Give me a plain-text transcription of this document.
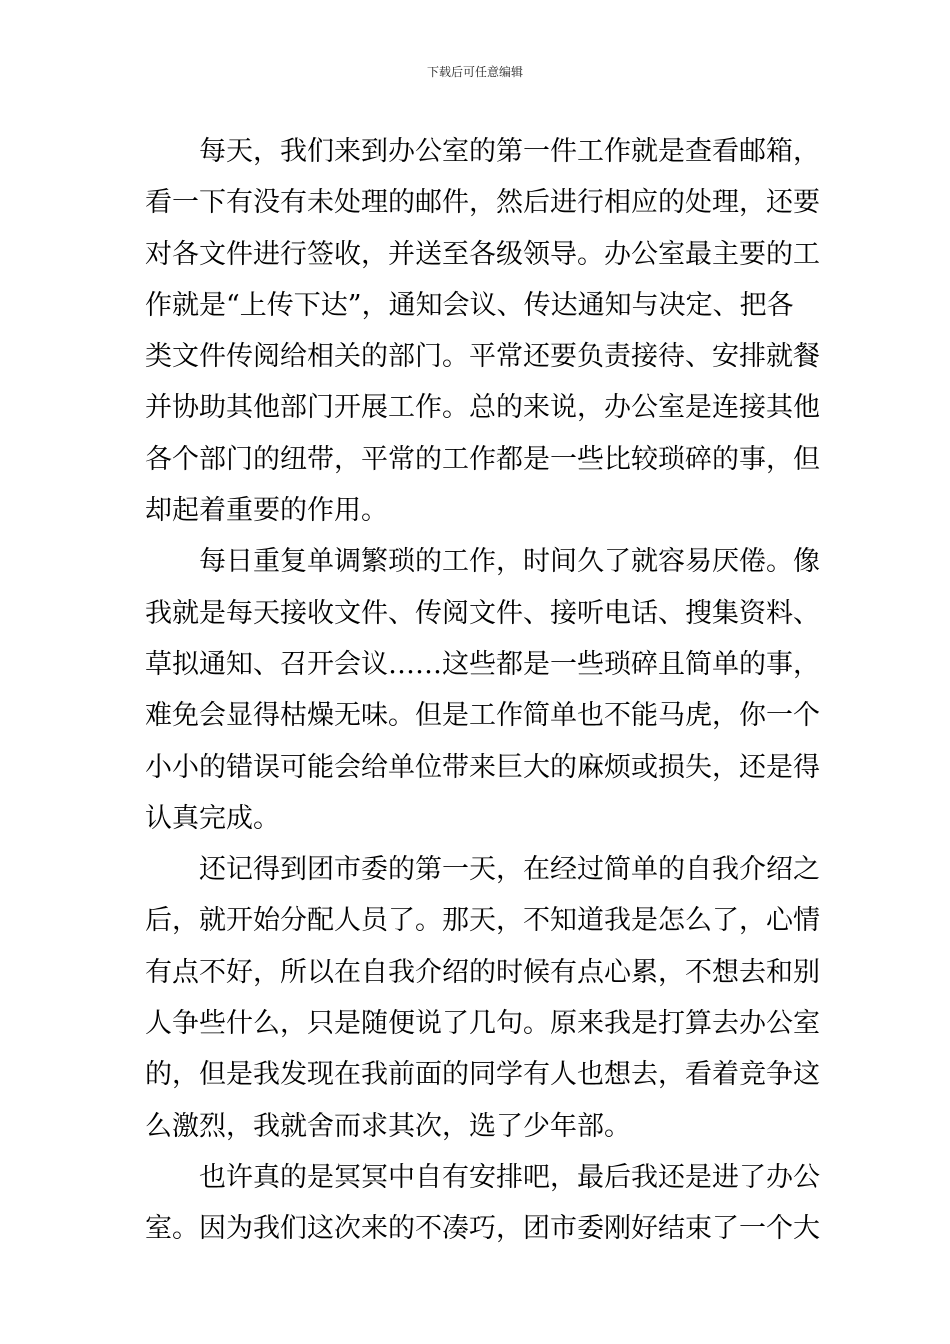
下载后可任意编辑

每天，我们来到办公室的第一件工作就是查看邮箱，
看一下有没有未处理的邮件，然后进行相应的处理，还要
对各文件进行签收，并送至各级领导。办公室最主要的工
作就是“上传下达”，通知会议、传达通知与决定、把各
类文件传阅给相关的部门。平常还要负责接待、安排就餐
并协助其他部门开展工作。总的来说，办公室是连接其他
各个部门的纽带，平常的工作都是一些比较琐碎的事，但
却起着重要的作用。

每日重复单调繁琐的工作，时间久了就容易厌倦。像
我就是每天接收文件、传阅文件、接听电话、搜集资料、
草拟通知、召开会议……这些都是一些琐碎且简单的事，
难免会显得枯燥无味。但是工作简单也不能马虎，你一个
小小的错误可能会给单位带来巨大的麻烦或损失，还是得
认真完成。

还记得到团市委的第一天，在经过简单的自我介绍之
后，就开始分配人员了。那天，不知道我是怎么了，心情
有点不好，所以在自我介绍的时候有点心累，不想去和别
人争些什么，只是随便说了几句。原来我是打算去办公室
的，但是我发现在我前面的同学有人也想去，看着竞争这
么激烈，我就舍而求其次，选了少年部。

也许真的是冥冥中自有安排吧，最后我还是进了办公
室。因为我们这次来的不凑巧，团市委刚好结束了一个大
